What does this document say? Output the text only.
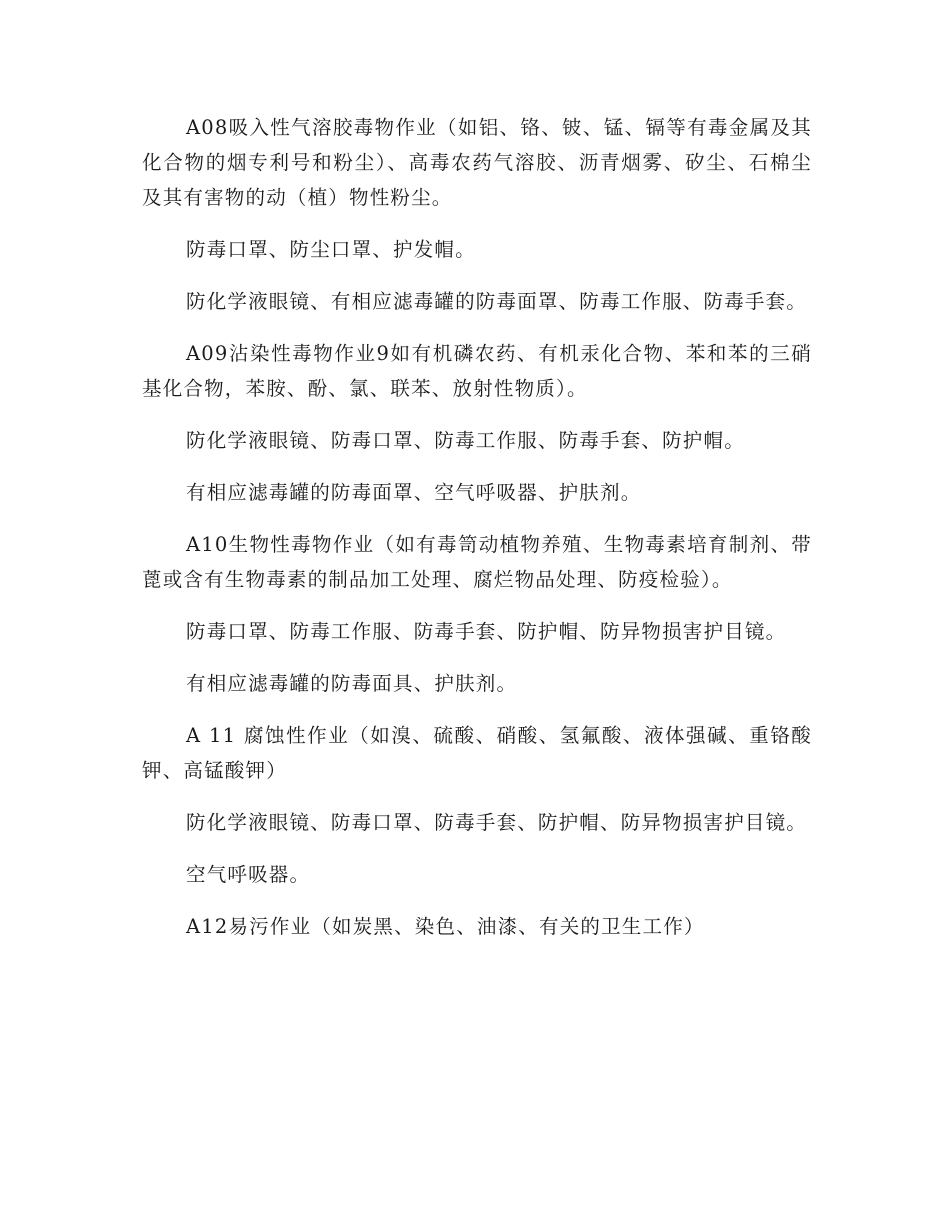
A08吸入性气溶胶毒物作业（如铝、铬、铍、锰、镉等有毒金属及其化合物的烟专利号和粉尘）、高毒农药气溶胶、沥青烟雾、矽尘、石棉尘及其有害物的动（植）物性粉尘。

防毒口罩、防尘口罩、护发帽。

防化学液眼镜、有相应滤毒罐的防毒面罩、防毒工作服、防毒手套。

A09沾染性毒物作业9如有机磷农药、有机汞化合物、苯和苯的三硝基化合物，苯胺、酚、氯、联苯、放射性物质）。

防化学液眼镜、防毒口罩、防毒工作服、防毒手套、防护帽。

有相应滤毒罐的防毒面罩、空气呼吸器、护肤剂。

A10生物性毒物作业（如有毒笥动植物养殖、生物毒素培育制剂、带蓖或含有生物毒素的制品加工处理、腐烂物品处理、防疫检验）。

防毒口罩、防毒工作服、防毒手套、防护帽、防异物损害护目镜。

有相应滤毒罐的防毒面具、护肤剂。

A 11 腐蚀性作业（如溴、硫酸、硝酸、氢氟酸、液体强碱、重铬酸钾、高锰酸钾）

防化学液眼镜、防毒口罩、防毒手套、防护帽、防异物损害护目镜。

空气呼吸器。

A12易污作业（如炭黑、染色、油漆、有关的卫生工作）
